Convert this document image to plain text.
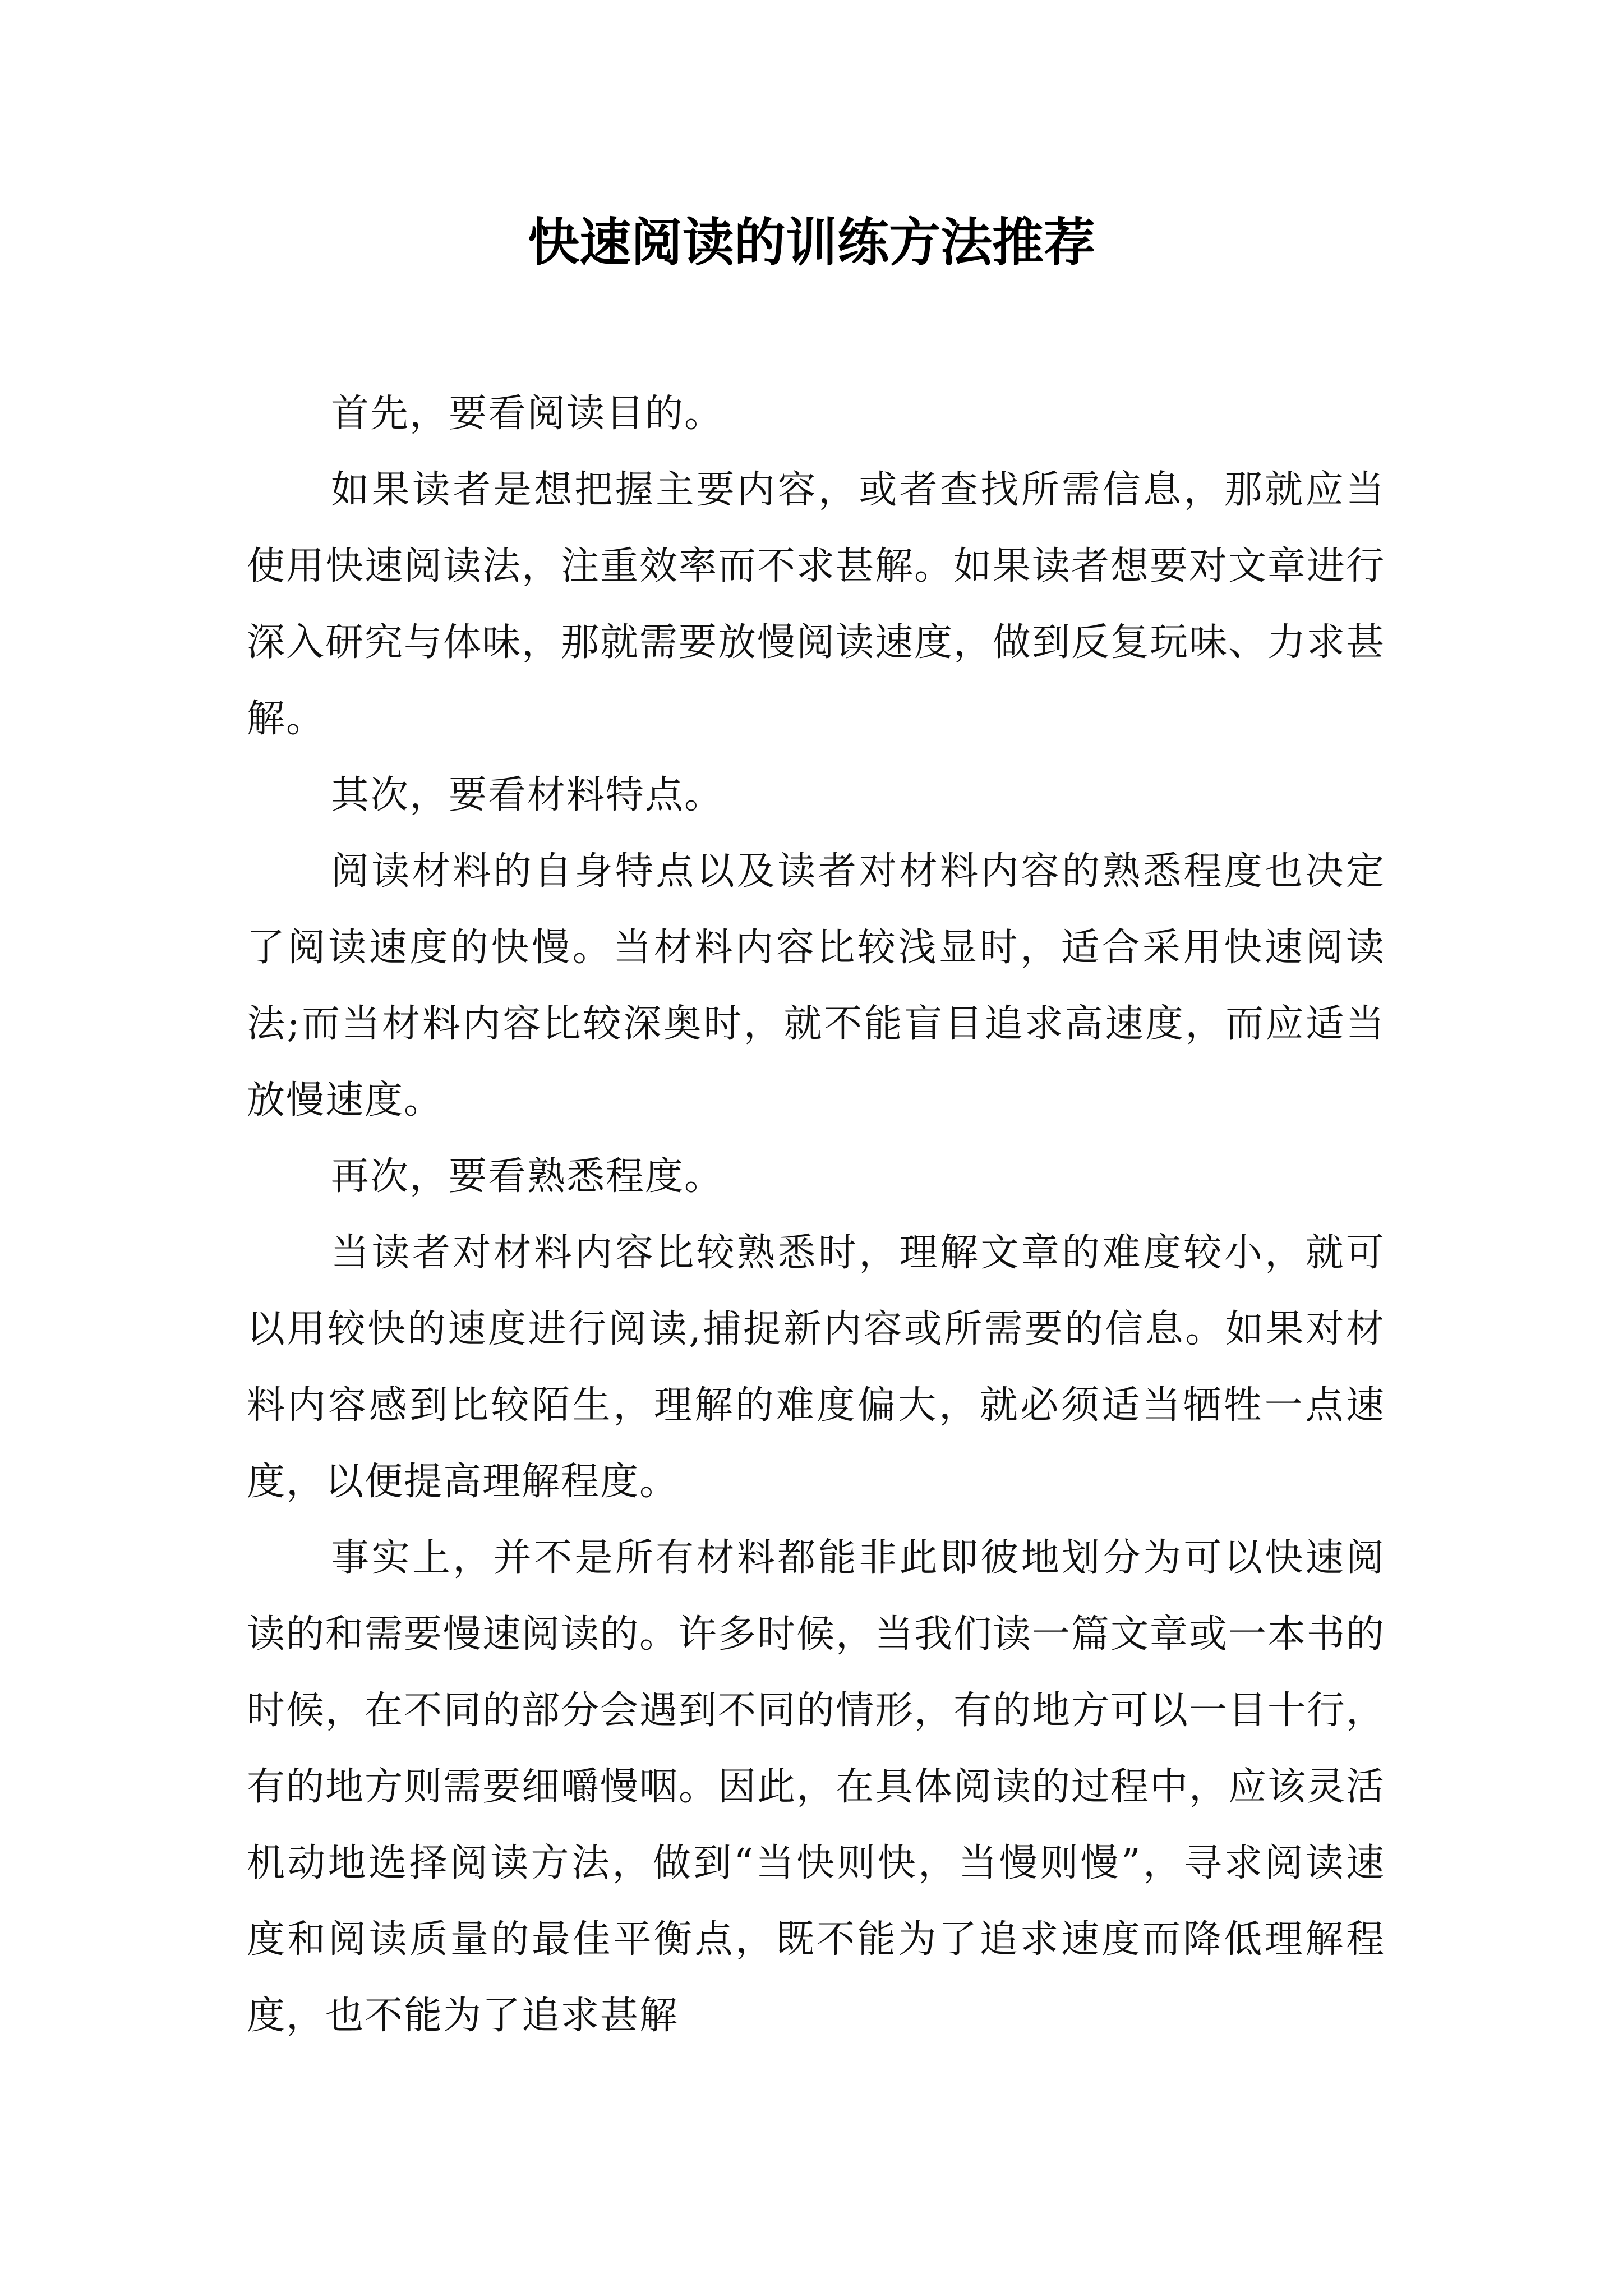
快速阅读的训练方法推荐

首先，要看阅读目的。

如果读者是想把握主要内容，或者查找所需信息，那就应当使用快速阅读法，注重效率而不求甚解。如果读者想要对文章进行深入研究与体味，那就需要放慢阅读速度，做到反复玩味、力求甚解。

其次，要看材料特点。

阅读材料的自身特点以及读者对材料内容的熟悉程度也决定了阅读速度的快慢。当材料内容比较浅显时，适合采用快速阅读法;而当材料内容比较深奥时，就不能盲目追求高速度，而应适当放慢速度。

再次，要看熟悉程度。

当读者对材料内容比较熟悉时，理解文章的难度较小，就可以用较快的速度进行阅读,捕捉新内容或所需要的信息。如果对材料内容感到比较陌生，理解的难度偏大，就必须适当牺牲一点速度，以便提高理解程度。

事实上，并不是所有材料都能非此即彼地划分为可以快速阅读的和需要慢速阅读的。许多时候，当我们读一篇文章或一本书的时候，在不同的部分会遇到不同的情形，有的地方可以一目十行，有的地方则需要细嚼慢咽。因此，在具体阅读的过程中，应该灵活机动地选择阅读方法，做到“当快则快，当慢则慢”，寻求阅读速度和阅读质量的最佳平衡点，既不能为了追求速度而降低理解程度，也不能为了追求甚解
